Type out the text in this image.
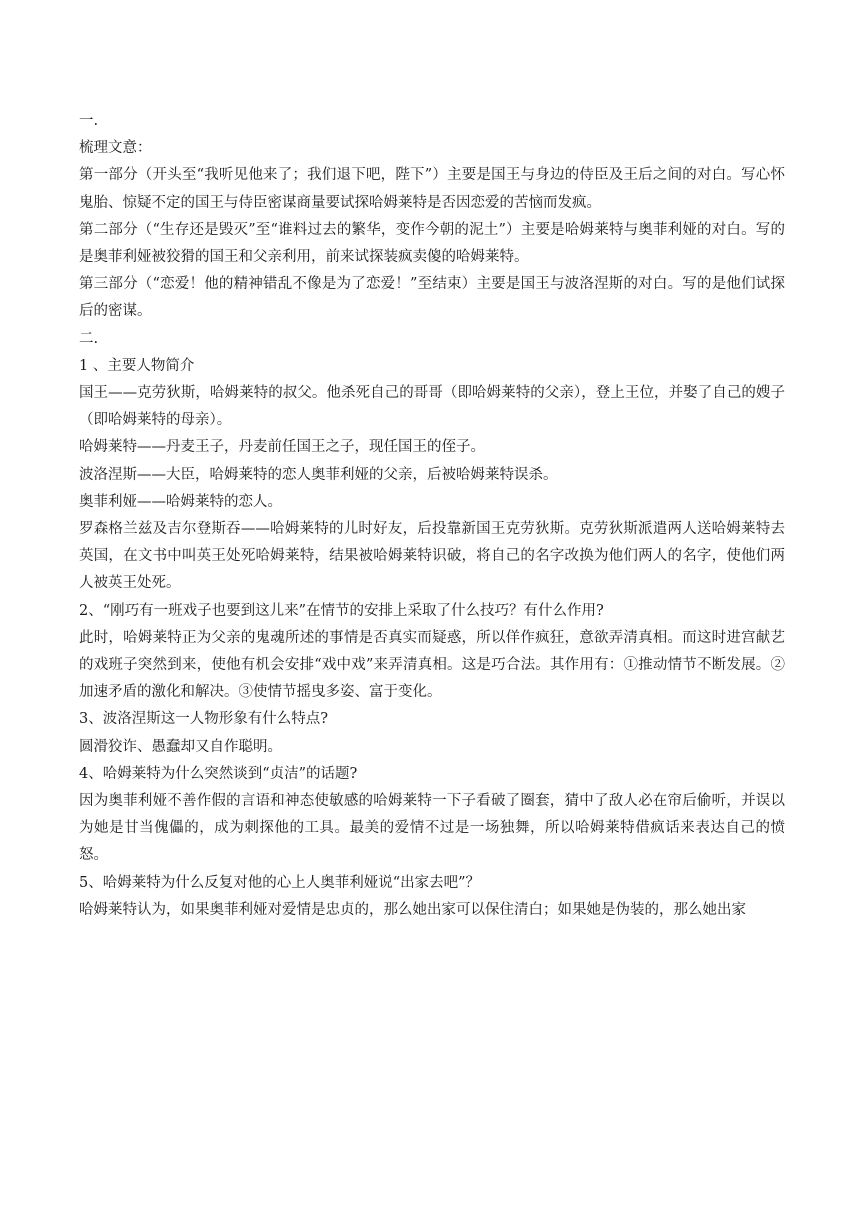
一.

梳理文意：

第一部分（开头至“我听见他来了；我们退下吧，陛下”）主要是国王与身边的侍臣及王后之间的对白。写心怀鬼胎、惊疑不定的国王与侍臣密谋商量要试探哈姆莱特是否因恋爱的苦恼而发疯。

第二部分（“生存还是毁灭”至“谁料过去的繁华，变作今朝的泥土”）主要是哈姆莱特与奥菲利娅的对白。写的是奥菲利娅被狡猾的国王和父亲利用，前来试探装疯卖傻的哈姆莱特。

第三部分（“恋爱！他的精神错乱不像是为了恋爱！”至结束）主要是国王与波洛涅斯的对白。写的是他们试探后的密谋。

二.

1 、主要人物简介

国王——克劳狄斯，哈姆莱特的叔父。他杀死自己的哥哥（即哈姆莱特的父亲），登上王位，并娶了自己的嫂子（即哈姆莱特的母亲）。

哈姆莱特——丹麦王子，丹麦前任国王之子，现任国王的侄子。

波洛涅斯——大臣，哈姆莱特的恋人奥菲利娅的父亲，后被哈姆莱特误杀。

奥菲利娅——哈姆莱特的恋人。

罗森格兰兹及吉尔登斯吞——哈姆莱特的儿时好友，后投靠新国王克劳狄斯。克劳狄斯派遣两人送哈姆莱特去英国，在文书中叫英王处死哈姆莱特，结果被哈姆莱特识破，将自己的名字改换为他们两人的名字，使他们两人被英王处死。

2、“刚巧有一班戏子也要到这儿来”在情节的安排上采取了什么技巧？有什么作用?

此时，哈姆莱特正为父亲的鬼魂所述的事情是否真实而疑惑，所以佯作疯狂，意欲弄清真相。而这时进宫献艺的戏班子突然到来，使他有机会安排“戏中戏”来弄清真相。这是巧合法。其作用有：①推动情节不断发展。②加速矛盾的激化和解决。③使情节摇曳多姿、富于变化。

3、波洛涅斯这一人物形象有什么特点?

圆滑狡诈、愚蠢却又自作聪明。

4、哈姆莱特为什么突然谈到“贞洁”的话题?

因为奥菲利娅不善作假的言语和神态使敏感的哈姆莱特一下子看破了圈套，猜中了敌人必在帘后偷听，并误以为她是甘当傀儡的，成为刺探他的工具。最美的爱情不过是一场独舞，所以哈姆莱特借疯话来表达自己的愤怒。

5、哈姆莱特为什么反复对他的心上人奥菲利娅说“出家去吧”？

哈姆莱特认为，如果奥菲利娅对爱情是忠贞的，那么她出家可以保住清白；如果她是伪装的，那么她出家
